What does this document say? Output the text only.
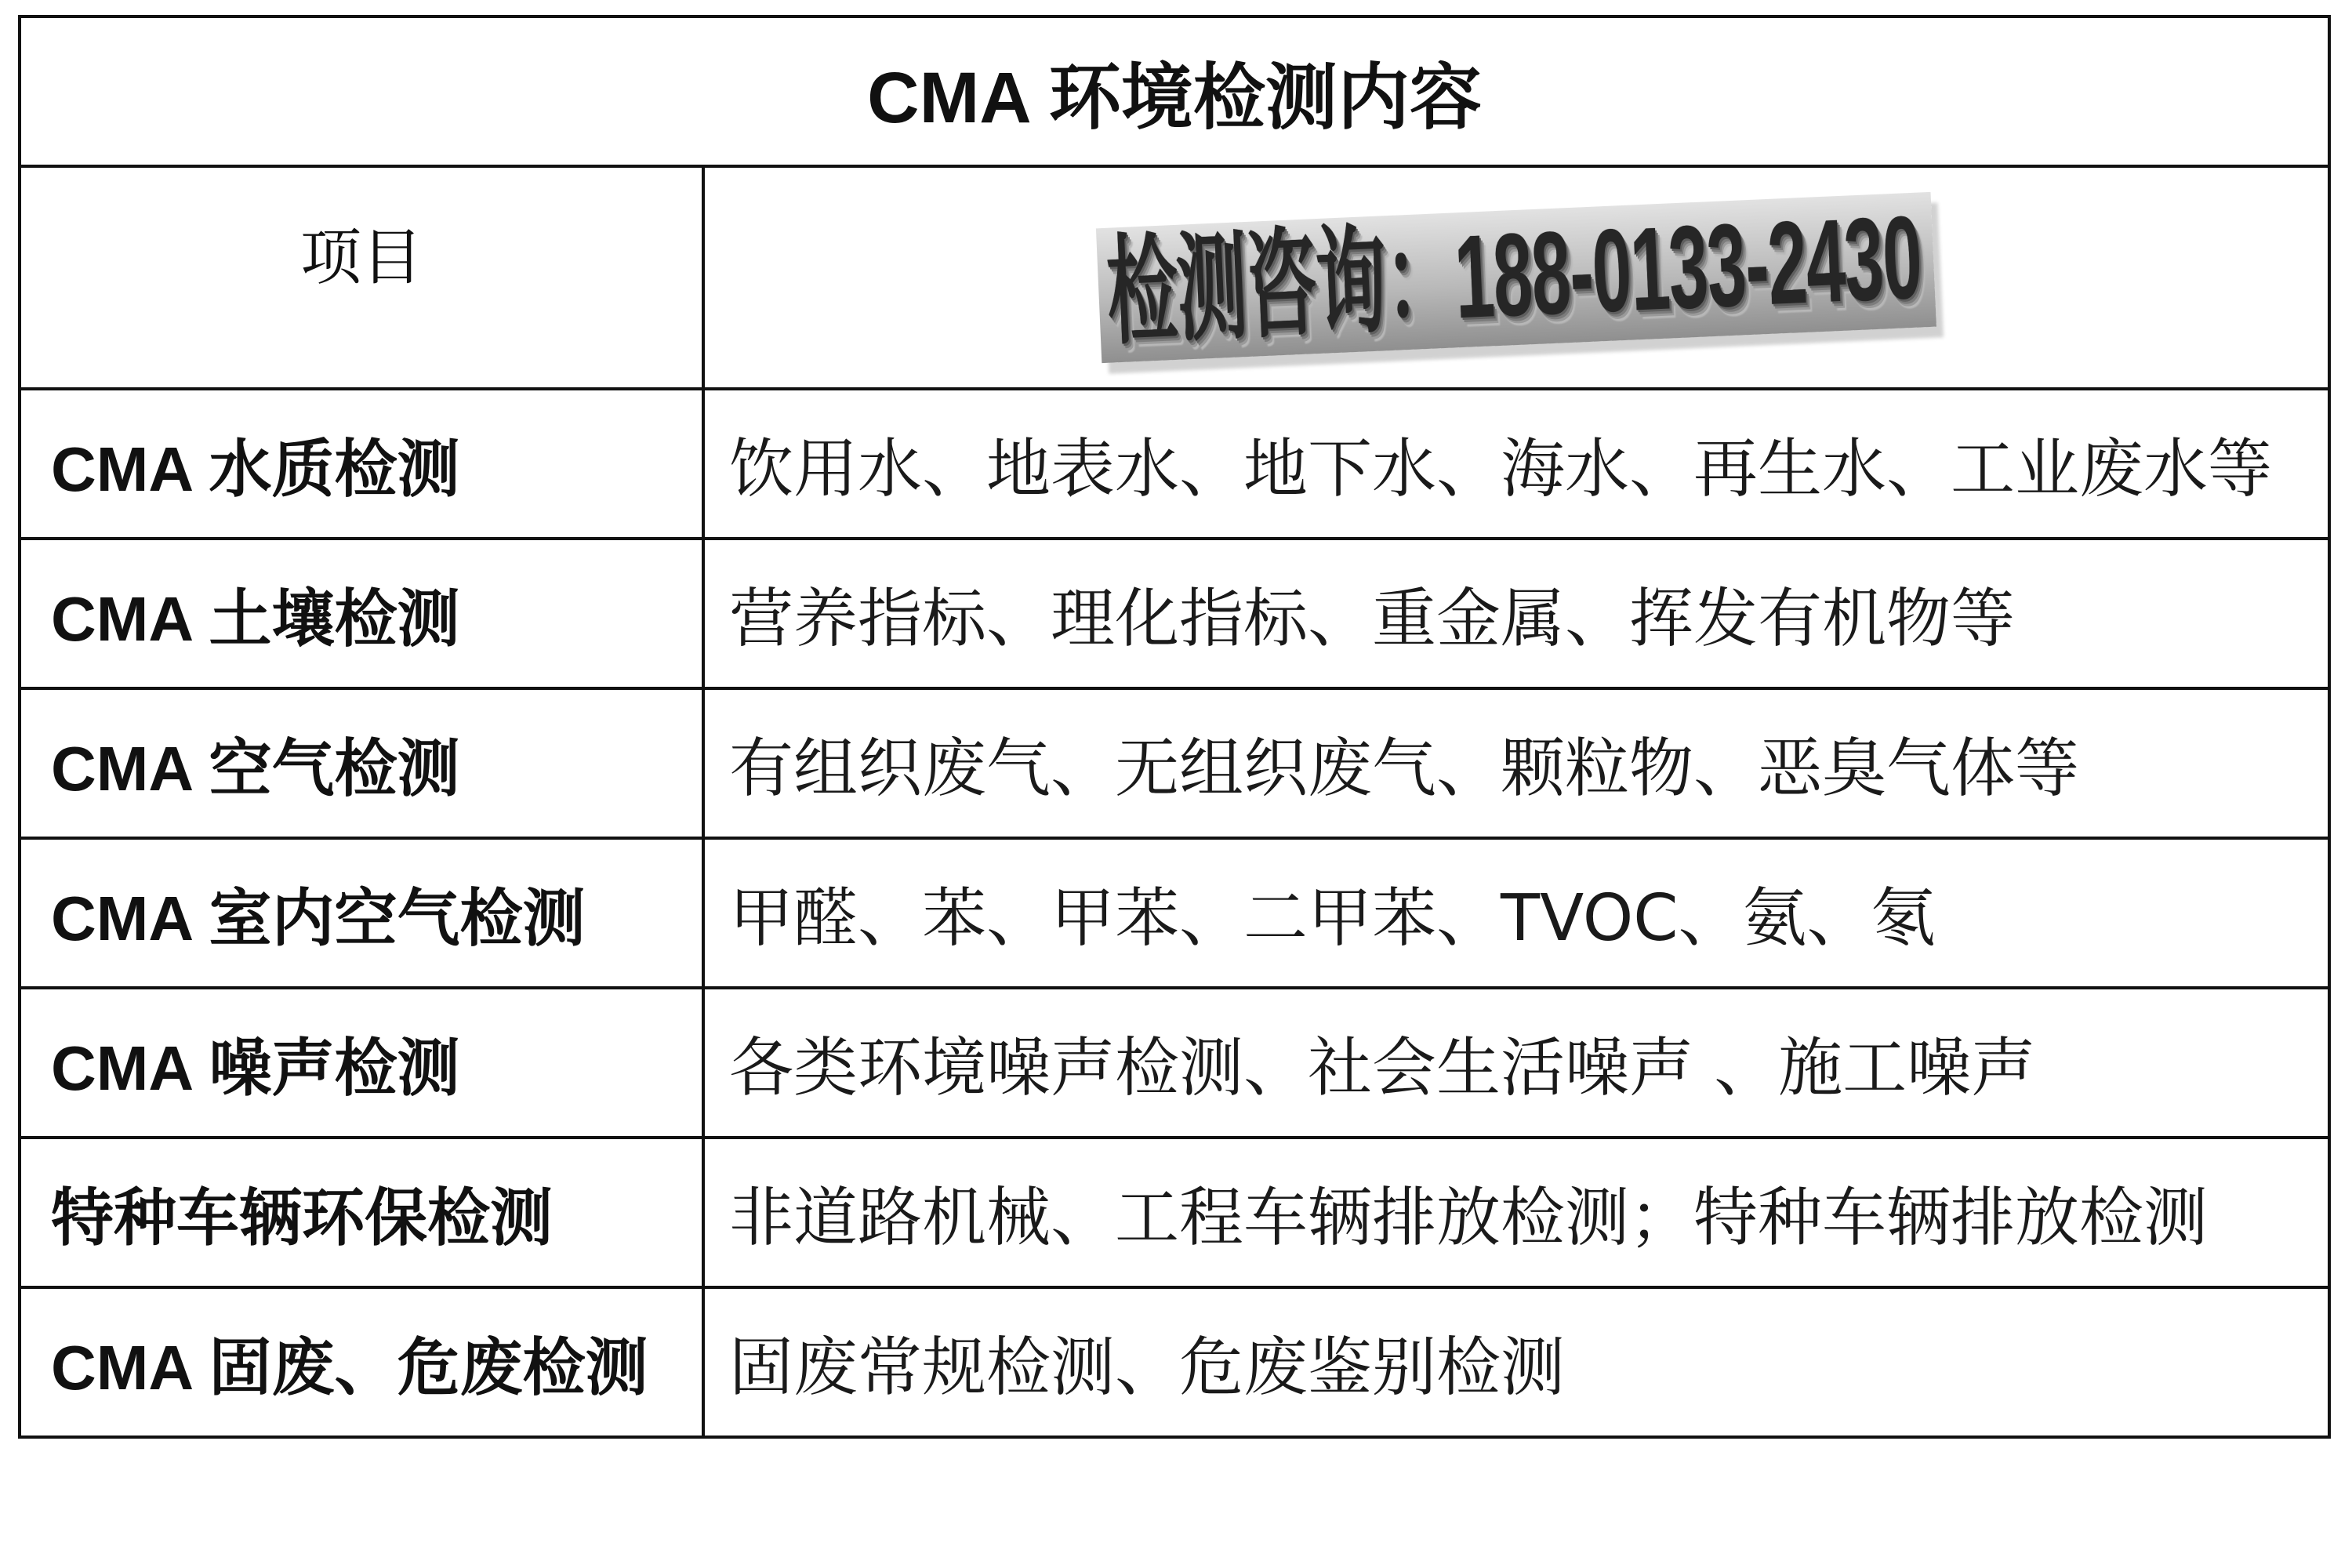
CMA 环境检测内容	
项目	检测咨询：188-0133-2430
CMA 水质检测	饮用水、地表水、地下水、海水、再生水、工业废水等
CMA 土壤检测	营养指标、理化指标、重金属、挥发有机物等
CMA 空气检测	有组织废气、无组织废气、颗粒物、恶臭气体等
CMA 室内空气检测	甲醛、苯、甲苯、二甲苯、TVOC、氨、氡
CMA 噪声检测	各类环境噪声检测、社会生活噪声 、施工噪声
特种车辆环保检测	非道路机械、工程车辆排放检测；特种车辆排放检测
CMA 固废、危废检测	固废常规检测、危废鉴别检测
